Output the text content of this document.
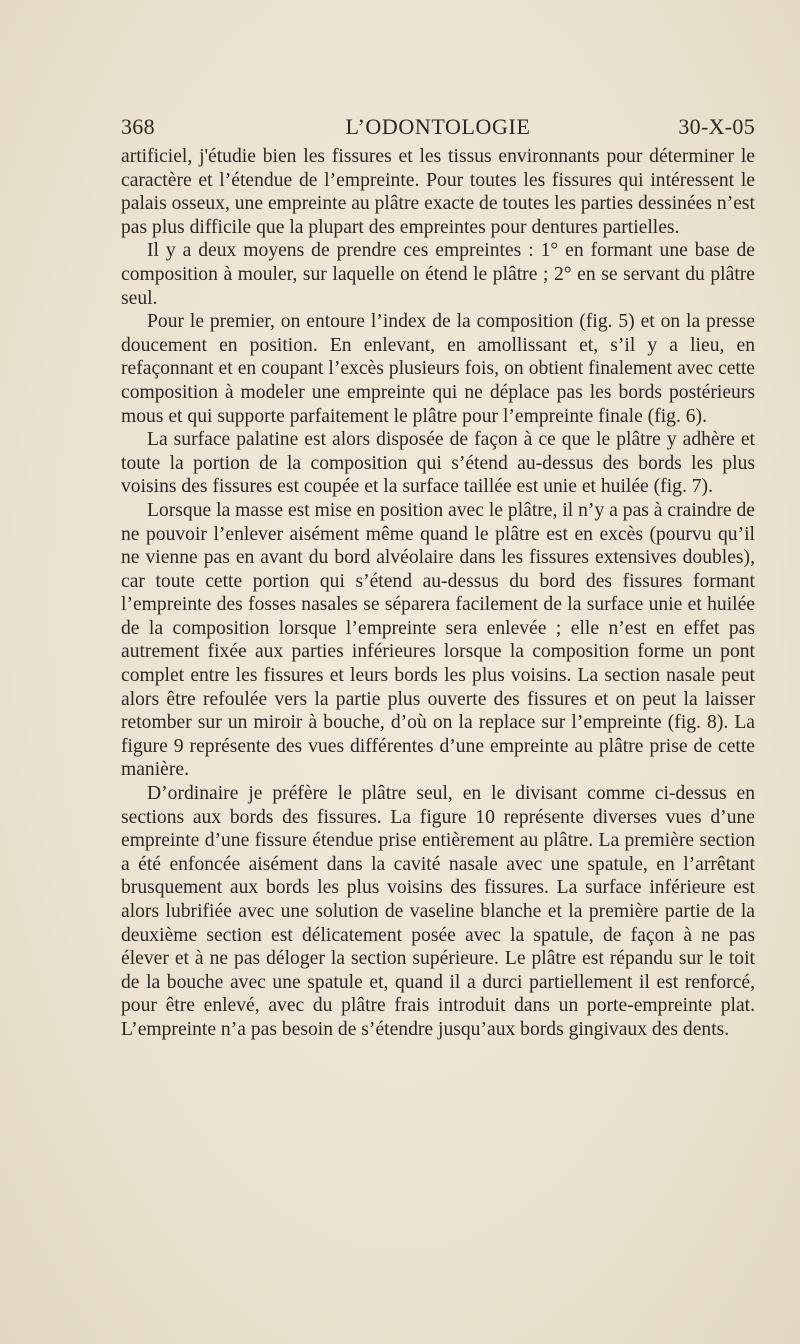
368	L’ODONTOLOGIE	30-X-05

artificiel, j'étudie bien les fissures et les tissus environnants pour déterminer le caractère et l’étendue de l’empreinte. Pour toutes les fissures qui intéressent le palais osseux, une empreinte au plâtre exacte de toutes les parties dessinées n’est pas plus difficile que la plupart des empreintes pour dentures partielles.

Il y a deux moyens de prendre ces empreintes : 1° en formant une base de composition à mouler, sur laquelle on étend le plâtre ; 2° en se servant du plâtre seul.

Pour le premier, on entoure l’index de la composition (fig. 5) et on la presse doucement en position. En enlevant, en amollissant et, s’il y a lieu, en refaçonnant et en coupant l’excès plusieurs fois, on obtient finalement avec cette composition à modeler une empreinte qui ne déplace pas les bords postérieurs mous et qui supporte parfaitement le plâtre pour l’empreinte finale (fig. 6).

La surface palatine est alors disposée de façon à ce que le plâtre y adhère et toute la portion de la composition qui s’étend au-dessus des bords les plus voisins des fissures est coupée et la surface taillée est unie et huilée (fig. 7).

Lorsque la masse est mise en position avec le plâtre, il n’y a pas à craindre de ne pouvoir l’enlever aisément même quand le plâtre est en excès (pourvu qu’il ne vienne pas en avant du bord alvéolaire dans les fissures extensives doubles), car toute cette portion qui s’étend au-dessus du bord des fissures formant l’empreinte des fosses nasales se séparera facilement de la surface unie et huilée de la composition lorsque l’empreinte sera enlevée ; elle n’est en effet pas autrement fixée aux parties inférieures lorsque la composition forme un pont complet entre les fissures et leurs bords les plus voisins. La section nasale peut alors être refoulée vers la partie plus ouverte des fissures et on peut la laisser retomber sur un miroir à bouche, d’où on la replace sur l’empreinte (fig. 8). La figure 9 représente des vues différentes d’une empreinte au plâtre prise de cette manière.

D’ordinaire je préfère le plâtre seul, en le divisant comme ci-dessus en sections aux bords des fissures. La figure 10 représente diverses vues d’une empreinte d’une fissure étendue prise entièrement au plâtre. La première section a été enfoncée aisément dans la cavité nasale avec une spatule, en l’arrêtant brusquement aux bords les plus voisins des fissures. La surface inférieure est alors lubrifiée avec une solution de vaseline blanche et la première partie de la deuxième section est délicatement posée avec la spatule, de façon à ne pas élever et à ne pas déloger la section supérieure. Le plâtre est répandu sur le toit de la bouche avec une spatule et, quand il a durci partiellement il est renforcé, pour être enlevé, avec du plâtre frais introduit dans un porte-empreinte plat. L’empreinte n’a pas besoin de s’étendre jusqu’aux bords gingivaux des dents.
